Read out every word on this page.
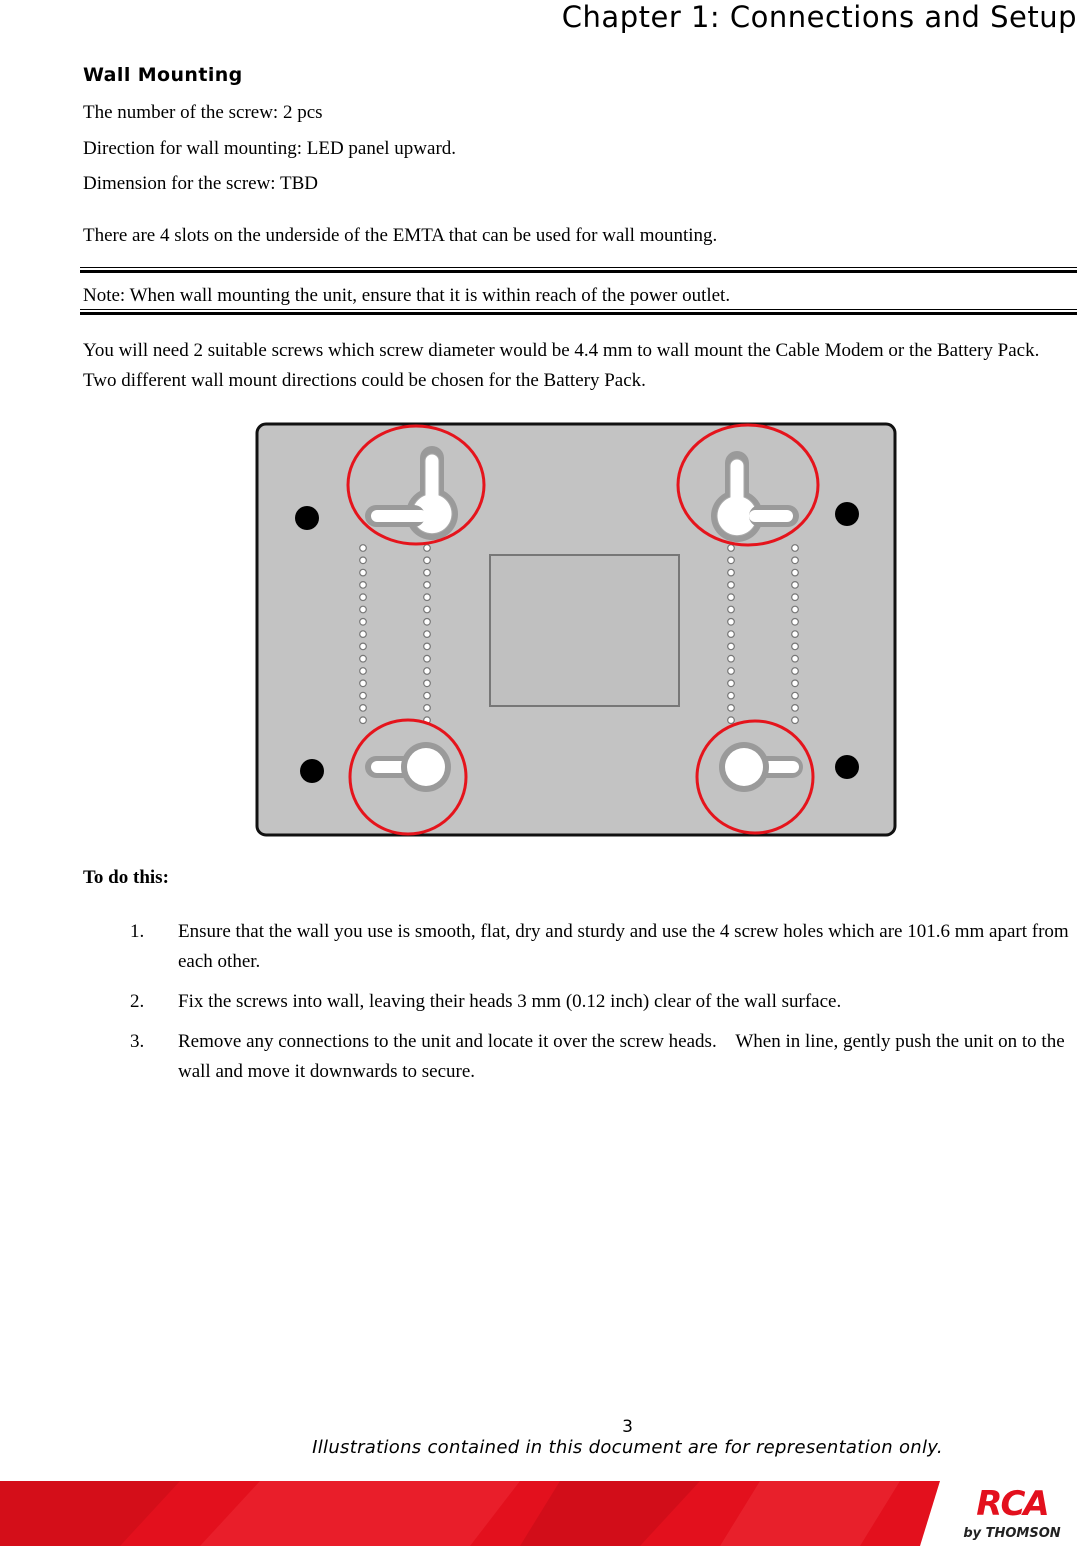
Chapter 1: Connections and Setup
Wall Mounting
The number of the screw: 2 pcs
Direction for wall mounting: LED panel upward.
Dimension for the screw: TBD
There are 4 slots on the underside of the EMTA that can be used for wall mounting.
Note: When wall mounting the unit, ensure that it is within reach of the power outlet.
You will need 2 suitable screws which screw diameter would be 4.4 mm to wall mount the Cable Modem or the Battery Pack. Two different wall mount directions could be chosen for the Battery Pack.
To do this:
1.	Ensure that the wall you use is smooth, flat, dry and sturdy and use the 4 screw holes which are 101.6 mm apart from each other.
2.	Fix the screws into wall, leaving their heads 3 mm (0.12 inch) clear of the wall surface.
3.	Remove any connections to the unit and locate it over the screw heads.    When in line, gently push the unit on to the wall and move it downwards to secure.
3
Illustrations contained in this document are for representation only.
RCA
by THOMSON
